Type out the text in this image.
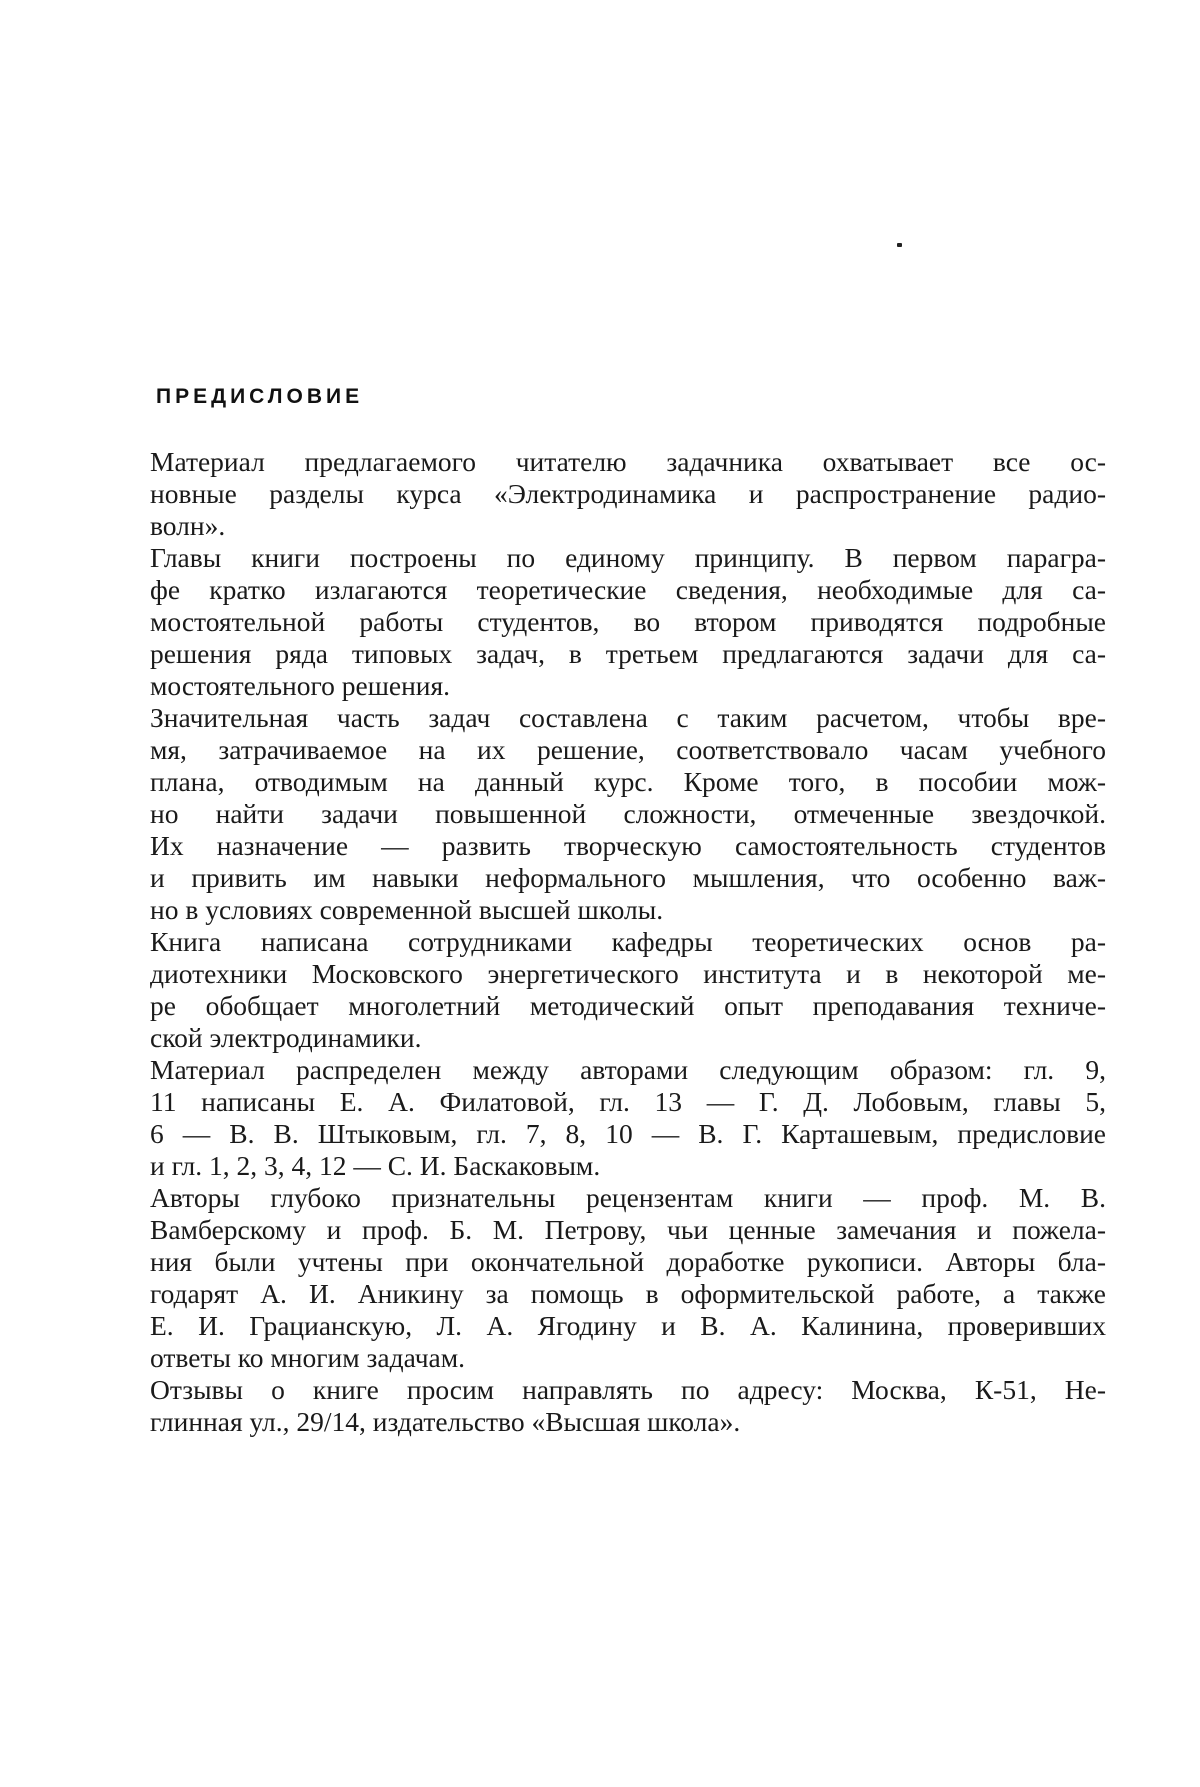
ПРЕДИСЛОВИЕ

Материал предлагаемого читателю задачника охватывает все ос-
новные разделы курса «Электродинамика и распространение радио-
волн».

Главы книги построены по единому принципу. В первом парагра-
фе кратко излагаются теоретические сведения, необходимые для са-
мостоятельной работы студентов, во втором приводятся подробные
решения ряда типовых задач, в третьем предлагаются задачи для са-
мостоятельного решения.

Значительная часть задач составлена с таким расчетом, чтобы вре-
мя, затрачиваемое на их решение, соответствовало часам учебного
плана, отводимым на данный курс. Кроме того, в пособии мож-
но найти задачи повышенной сложности, отмеченные звездочкой.
Их назначение — развить творческую самостоятельность студентов
и привить им навыки неформального мышления, что особенно важ-
но в условиях современной высшей школы.

Книга написана сотрудниками кафедры теоретических основ ра-
диотехники Московского энергетического института и в некоторой ме-
ре обобщает многолетний методический опыт преподавания техниче-
ской электродинамики.

Материал распределен между авторами следующим образом: гл. 9,
11 написаны Е. А. Филатовой, гл. 13 — Г. Д. Лобовым, главы 5,
6 — В. В. Штыковым, гл. 7, 8, 10 — В. Г. Карташевым, предисловие
и гл. 1, 2, 3, 4, 12 — С. И. Баскаковым.

Авторы глубоко признательны рецензентам книги — проф. М. В.
Вамберскому и проф. Б. М. Петрову, чьи ценные замечания и пожела-
ния были учтены при окончательной доработке рукописи. Авторы бла-
годарят А. И. Аникину за помощь в оформительской работе, а также
Е. И. Грацианскую, Л. А. Ягодину и В. А. Калинина, проверивших
ответы ко многим задачам.

Отзывы о книге просим направлять по адресу: Москва, К-51, Не-
глинная ул., 29/14, издательство «Высшая школа».
